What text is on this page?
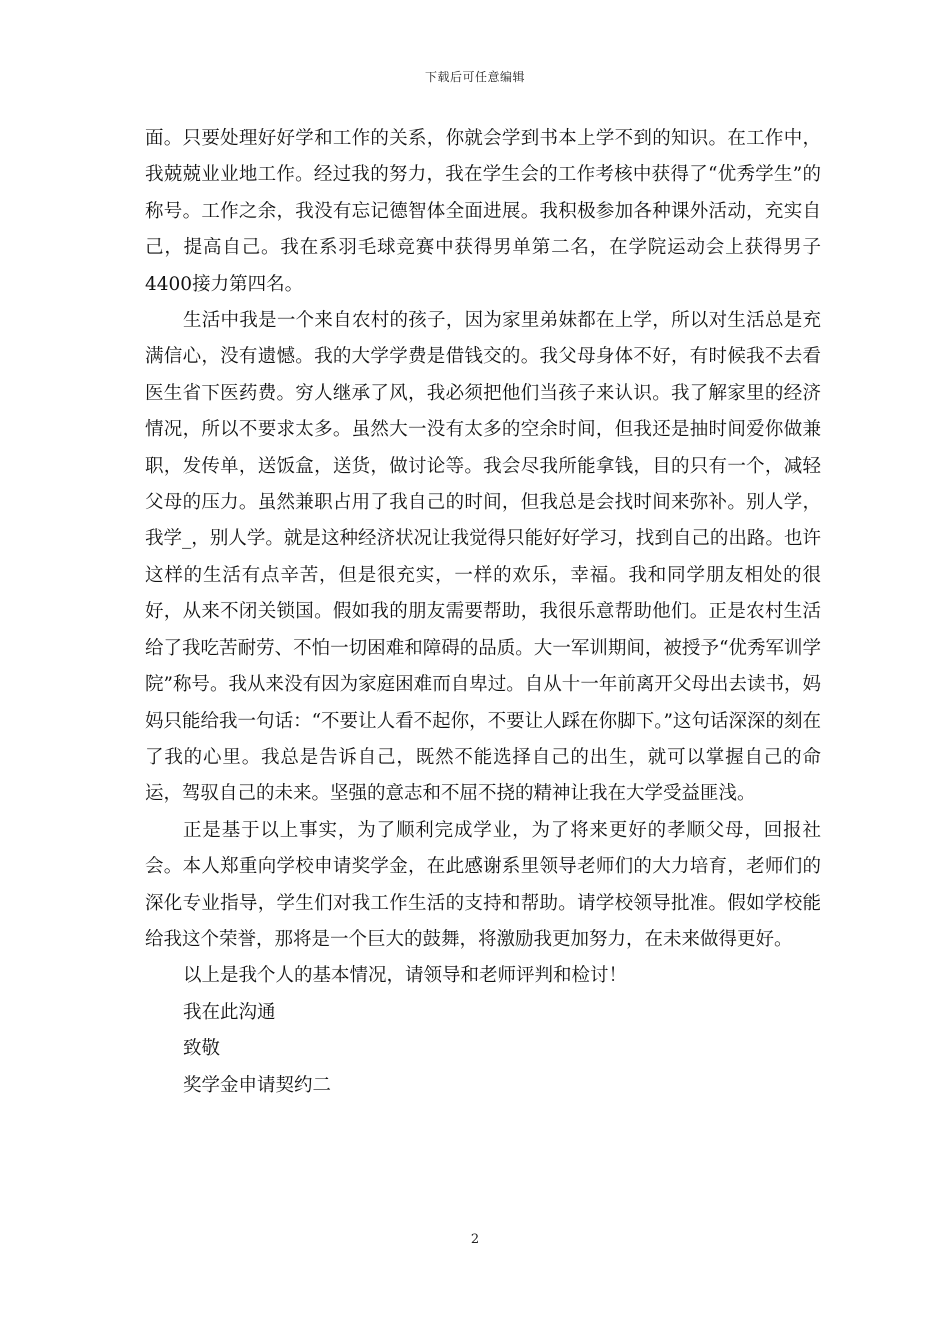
下载后可任意编辑

面。只要处理好好学和工作的关系，你就会学到书本上学不到的知识。在工作中，我兢兢业业地工作。经过我的努力，我在学生会的工作考核中获得了“优秀学生”的称号。工作之余，我没有忘记德智体全面进展。我积极参加各种课外活动，充实自己，提高自己。我在系羽毛球竞赛中获得男单第二名，在学院运动会上获得男子4400接力第四名。

生活中我是一个来自农村的孩子，因为家里弟妹都在上学，所以对生活总是充满信心，没有遗憾。我的大学学费是借钱交的。我父母身体不好，有时候我不去看医生省下医药费。穷人继承了风，我必须把他们当孩子来认识。我了解家里的经济情况，所以不要求太多。虽然大一没有太多的空余时间，但我还是抽时间爱你做兼职，发传单，送饭盒，送货，做讨论等。我会尽我所能拿钱，目的只有一个，减轻父母的压力。虽然兼职占用了我自己的时间，但我总是会找时间来弥补。别人学，我学_，别人学。就是这种经济状况让我觉得只能好好学习，找到自己的出路。也许这样的生活有点辛苦，但是很充实，一样的欢乐，幸福。我和同学朋友相处的很好，从来不闭关锁国。假如我的朋友需要帮助，我很乐意帮助他们。正是农村生活给了我吃苦耐劳、不怕一切困难和障碍的品质。大一军训期间，被授予“优秀军训学院”称号。我从来没有因为家庭困难而自卑过。自从十一年前离开父母出去读书，妈妈只能给我一句话：“不要让人看不起你，不要让人踩在你脚下。”这句话深深的刻在了我的心里。我总是告诉自己，既然不能选择自己的出生，就可以掌握自己的命运，驾驭自己的未来。坚强的意志和不屈不挠的精神让我在大学受益匪浅。

正是基于以上事实，为了顺利完成学业，为了将来更好的孝顺父母，回报社会。本人郑重向学校申请奖学金，在此感谢系里领导老师们的大力培育，老师们的深化专业指导，学生们对我工作生活的支持和帮助。请学校领导批准。假如学校能给我这个荣誉，那将是一个巨大的鼓舞，将激励我更加努力，在未来做得更好。

以上是我个人的基本情况，请领导和老师评判和检讨！

我在此沟通

致敬

奖学金申请契约二

2
